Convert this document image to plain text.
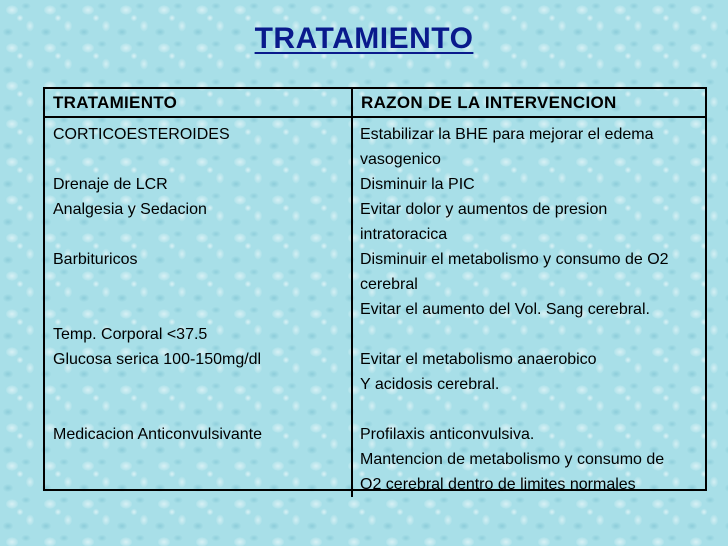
TRATAMIENTO
TRATAMIENTO	RAZON DE LA INTERVENCION
CORTICOESTEROIDES
Drenaje de LCR
Analgesia y Sedacion
Barbituricos
Temp. Corporal <37.5
Glucosa serica 100-150mg/dl
Medicacion Anticonvulsivante
Estabilizar la BHE para mejorar el edema
vasogenico
Disminuir la PIC
Evitar dolor y aumentos de presion
intratoracica
Disminuir el metabolismo y consumo de O2
cerebral
Evitar el aumento del Vol. Sang cerebral.
Evitar el metabolismo anaerobico
Y acidosis cerebral.
Profilaxis anticonvulsiva.
Mantencion de metabolismo y consumo de
O2 cerebral dentro de limites normales
